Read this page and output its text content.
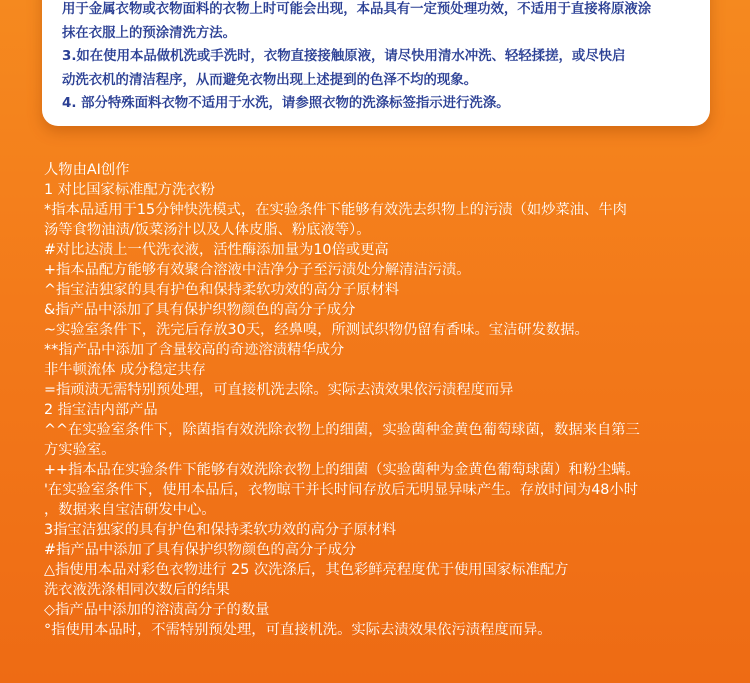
用于金属衣物或衣物面料的衣物上时可能会出现，本品具有一定预处理功效，不适用于直接将原液涂
抹在衣服上的预涂清洗方法。
3.如在使用本品做机洗或手洗时，衣物直接接触原液，请尽快用清水冲洗、轻轻揉搓，或尽快启
动洗衣机的清洁程序，从而避免衣物出现上述提到的色泽不均的现象。
4. 部分特殊面料衣物不适用于水洗，请参照衣物的洗涤标签指示进行洗涤。
人物由AI创作
1 对比国家标准配方洗衣粉
*指本品适用于15分钟快洗模式，在实验条件下能够有效洗去织物上的污渍（如炒菜油、牛肉
汤等食物油渍/饭菜汤汁以及人体皮脂、粉底液等）。
#对比达渍上一代洗衣液，活性酶添加量为10倍或更高
+指本品配方能够有效聚合溶液中洁净分子至污渍处分解清洁污渍。
^指宝洁独家的具有护色和保持柔软功效的高分子原材料
&指产品中添加了具有保护织物颜色的高分子成分
~实验室条件下，洗完后存放30天，经鼻嗅，所测试织物仍留有香味。宝洁研发数据。
**指产品中添加了含量较高的奇迹溶渍精华成分
非牛顿流体 成分稳定共存
=指顽渍无需特别预处理，可直接机洗去除。实际去渍效果依污渍程度而异
2 指宝洁内部产品
^^在实验室条件下，除菌指有效洗除衣物上的细菌，实验菌种金黄色葡萄球菌，数据来自第三
方实验室。
++指本品在实验条件下能够有效洗除衣物上的细菌（实验菌种为金黄色葡萄球菌）和粉尘螨。
'在实验室条件下，使用本品后，衣物晾干并长时间存放后无明显异味产生。存放时间为48小时
，数据来自宝洁研发中心。
3指宝洁独家的具有护色和保持柔软功效的高分子原材料
#指产品中添加了具有保护织物颜色的高分子成分
△指使用本品对彩色衣物进行 25 次洗涤后，其色彩鲜亮程度优于使用国家标准配方
洗衣液洗涤相同次数后的结果
◇指产品中添加的溶渍高分子的数量
°指使用本品时，不需特别预处理，可直接机洗。实际去渍效果依污渍程度而异。
